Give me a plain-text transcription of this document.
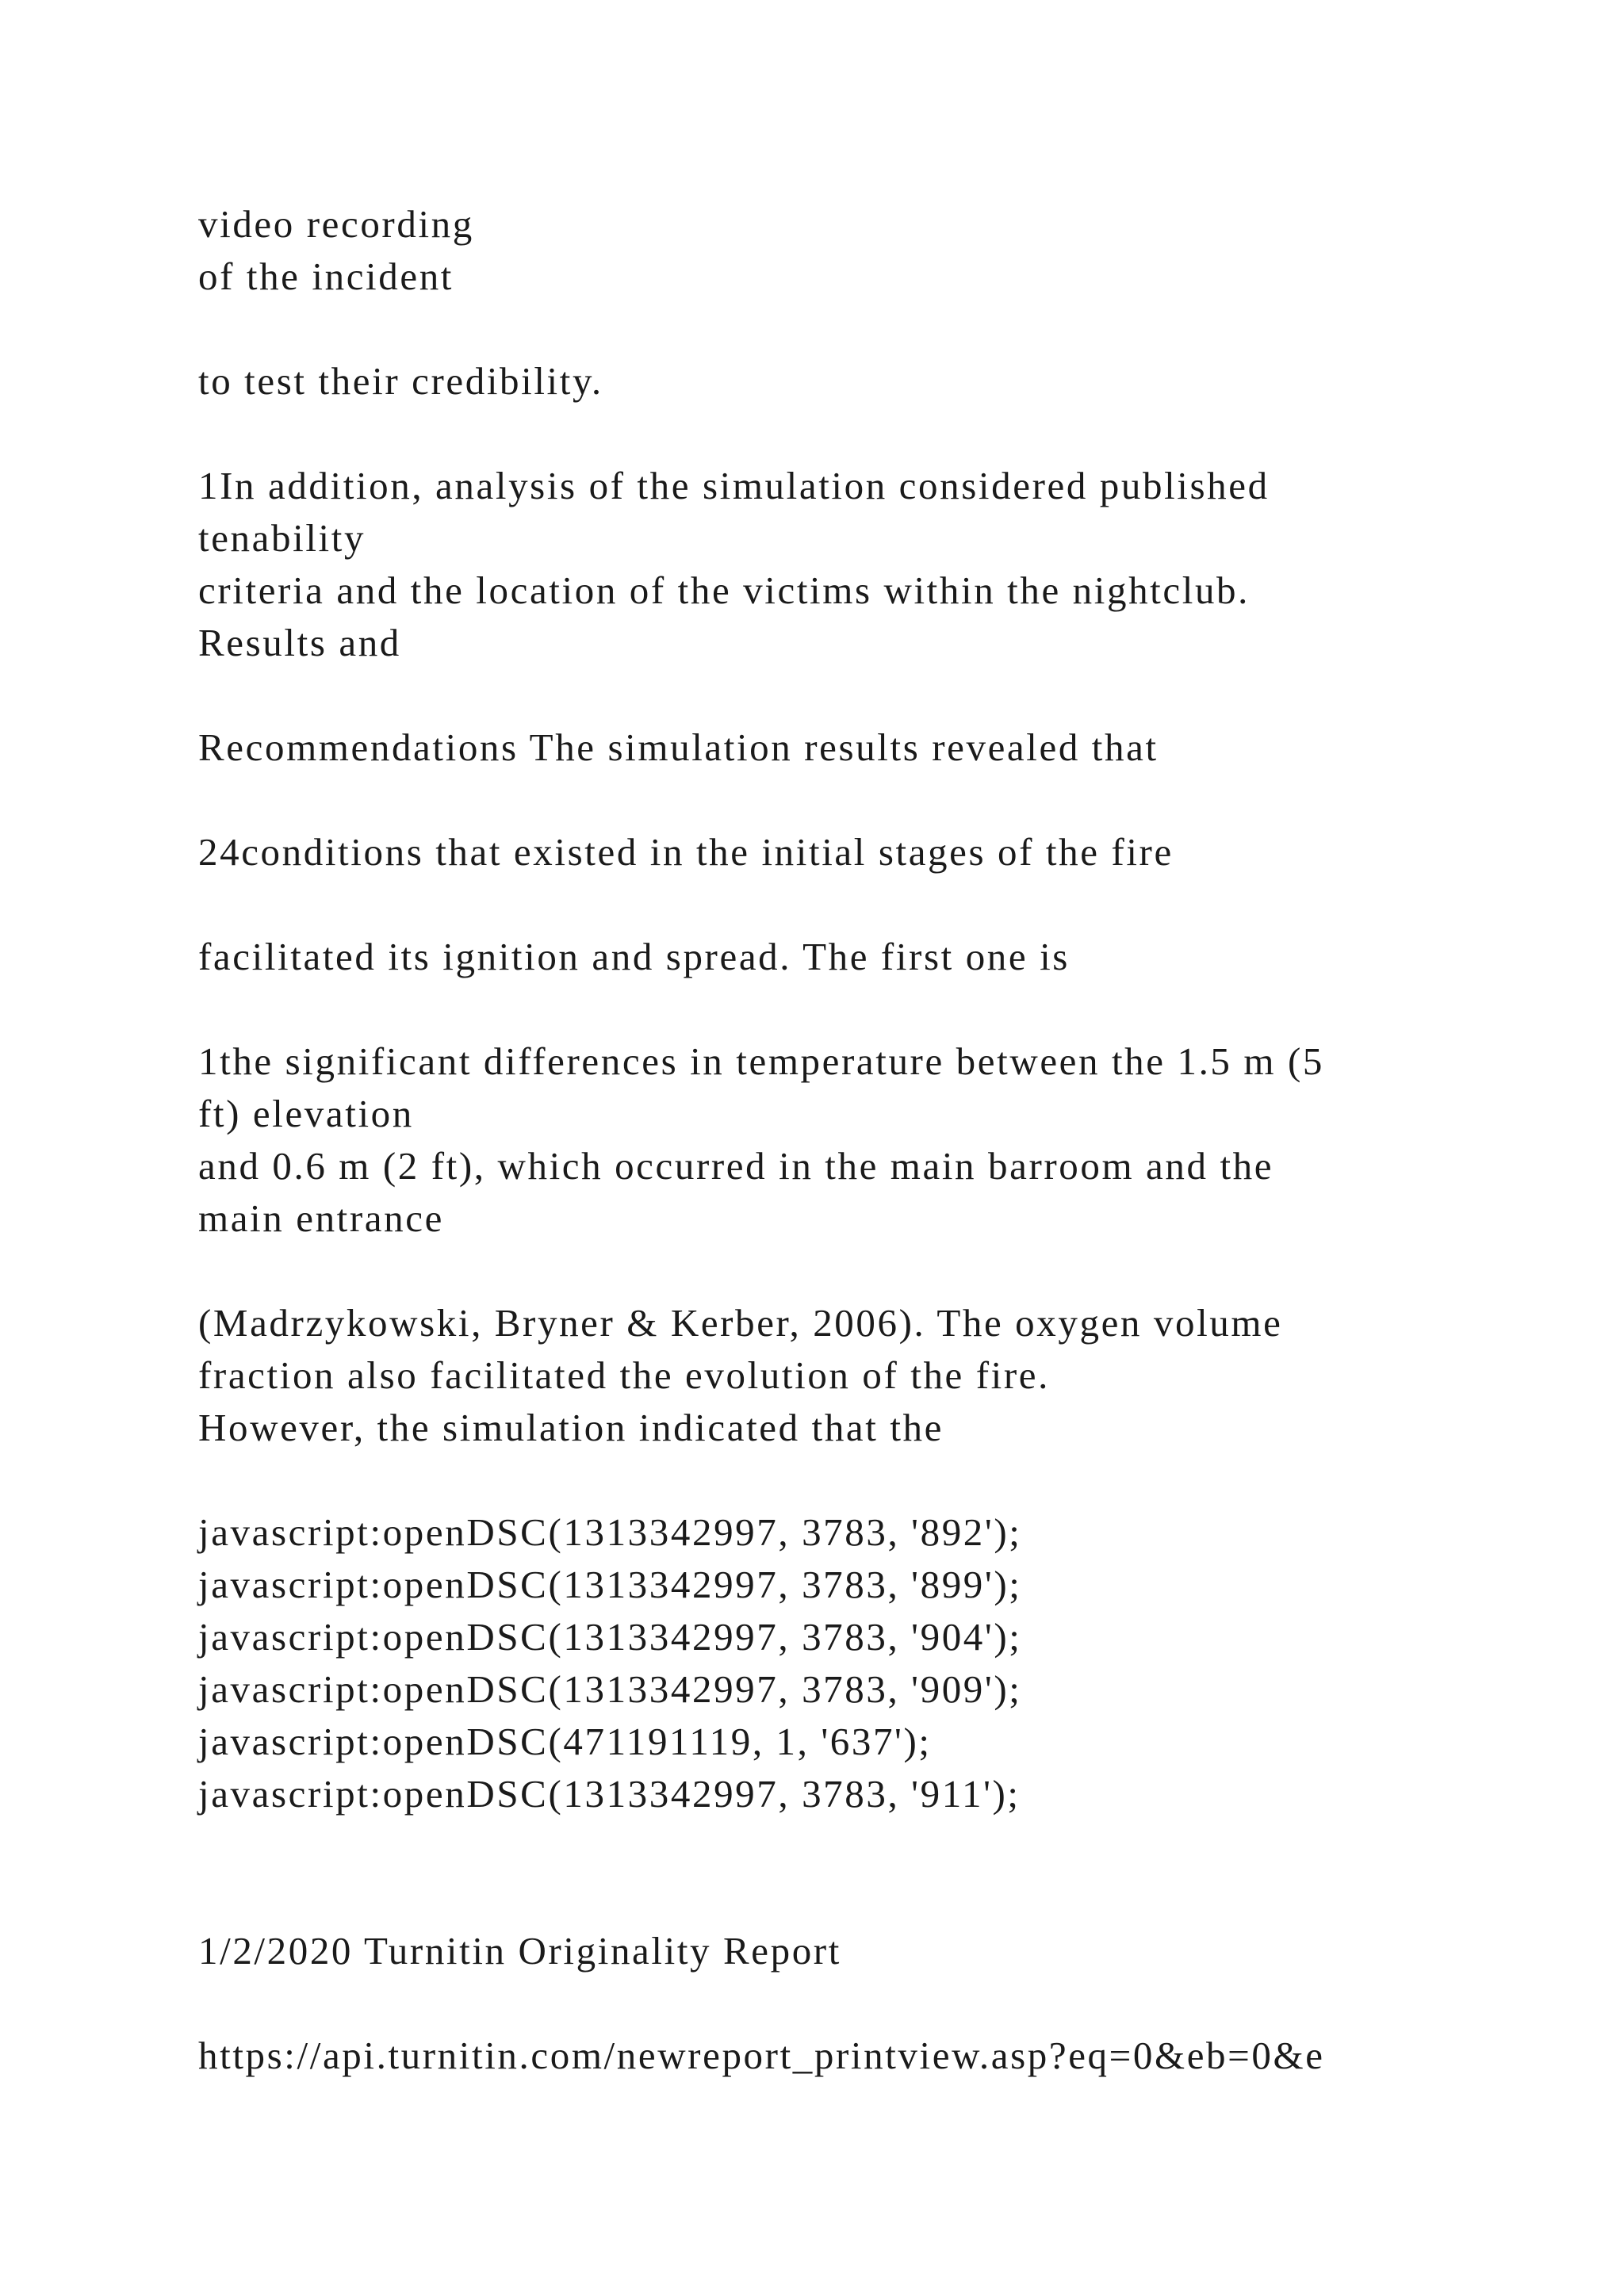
video recording
of the incident

to test their credibility.

1In addition, analysis of the simulation considered published
tenability
criteria and the location of the victims within the nightclub.
Results and

Recommendations The simulation results revealed that

24conditions that existed in the initial stages of the fire

facilitated its ignition and spread. The first one is

1the significant differences in temperature between the 1.5 m (5
ft) elevation
and 0.6 m (2 ft), which occurred in the main barroom and the
main entrance

(Madrzykowski, Bryner & Kerber, 2006). The oxygen volume
fraction also facilitated the evolution of the fire.
However, the simulation indicated that the

javascript:openDSC(1313342997, 3783, '892');
javascript:openDSC(1313342997, 3783, '899');
javascript:openDSC(1313342997, 3783, '904');
javascript:openDSC(1313342997, 3783, '909');
javascript:openDSC(471191119, 1, '637');
javascript:openDSC(1313342997, 3783, '911');

1/2/2020 Turnitin Originality Report

https://api.turnitin.com/newreport_printview.asp?eq=0&eb=0&e
